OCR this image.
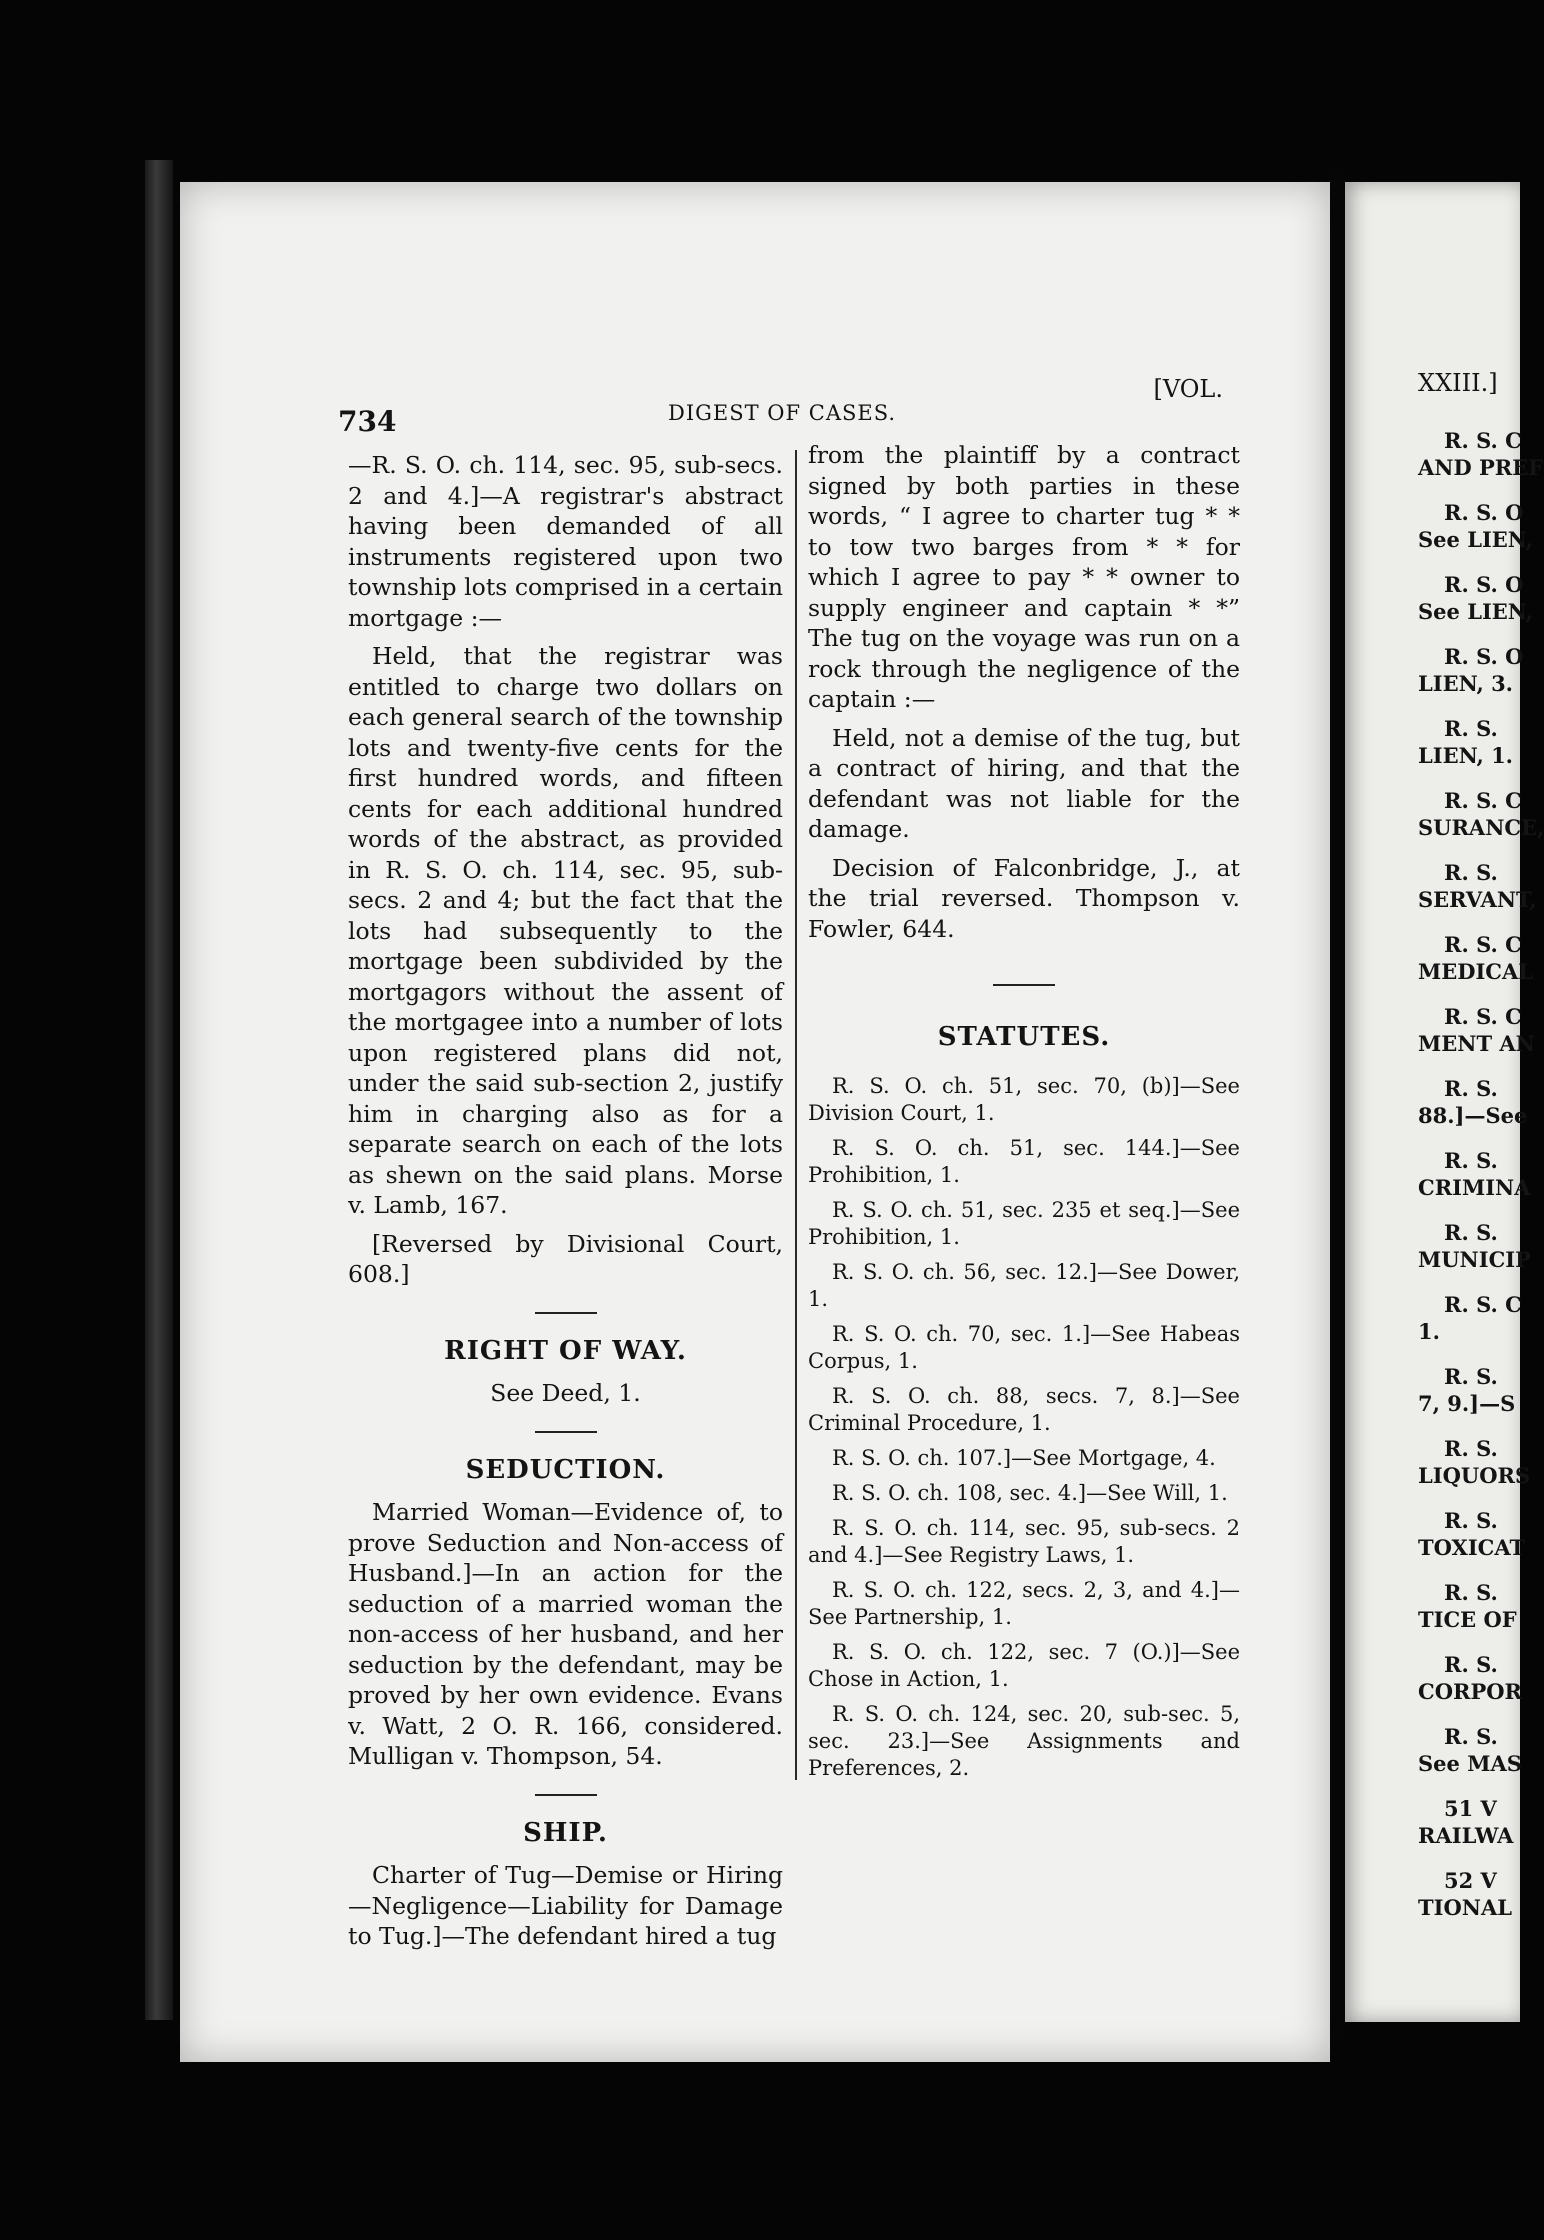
734	DIGEST OF CASES.
[VOL.

—R. S. O. ch. 114, sec. 95, sub-secs. 2 and 4.]—A registrar's abstract having been demanded of all instruments registered upon two township lots comprised in a certain mortgage :—

Held, that the registrar was entitled to charge two dollars on each general search of the township lots and twenty-five cents for the first hundred words, and fifteen cents for each additional hundred words of the abstract, as provided in R. S. O. ch. 114, sec. 95, sub-secs. 2 and 4; but the fact that the lots had subsequently to the mortgage been subdivided by the mortgagors without the assent of the mortgagee into a number of lots upon registered plans did not, under the said sub-section 2, justify him in charging also as for a separate search on each of the lots as shewn on the said plans. Morse v. Lamb, 167.

[Reversed by Divisional Court, 608.]

RIGHT OF WAY.

See Deed, 1.

SEDUCTION.

Married Woman—Evidence of, to prove Seduction and Non-access of Husband.]—In an action for the seduction of a married woman the non-access of her husband, and her seduction by the defendant, may be proved by her own evidence. Evans v. Watt, 2 O. R. 166, considered. Mulligan v. Thompson, 54.

SHIP.

Charter of Tug—Demise or Hiring —Negligence—Liability for Damage to Tug.]—The defendant hired a tug

from the plaintiff by a contract signed by both parties in these words, “ I agree to charter tug * * to tow two barges from * * for which I agree to pay * * owner to supply engineer and captain * *” The tug on the voyage was run on a rock through the negligence of the captain :—

Held, not a demise of the tug, but a contract of hiring, and that the defendant was not liable for the damage.

Decision of Falconbridge, J., at the trial reversed. Thompson v. Fowler, 644.

STATUTES.

R. S. O. ch. 51, sec. 70, (b)]—See Division Court, 1.

R. S. O. ch. 51, sec. 144.]—See Prohibition, 1.

R. S. O. ch. 51, sec. 235 et seq.]—See Prohibition, 1.

R. S. O. ch. 56, sec. 12.]—See Dower, 1.

R. S. O. ch. 70, sec. 1.]—See Habeas Corpus, 1.

R. S. O. ch. 88, secs. 7, 8.]—See Criminal Procedure, 1.

R. S. O. ch. 107.]—See Mortgage, 4.

R. S. O. ch. 108, sec. 4.]—See Will, 1.

R. S. O. ch. 114, sec. 95, sub-secs. 2 and 4.]—See Registry Laws, 1.

R. S. O. ch. 122, secs. 2, 3, and 4.]—See Partnership, 1.

R. S. O. ch. 122, sec. 7 (O.)]—See Chose in Action, 1.

R. S. O. ch. 124, sec. 20, sub-sec. 5, sec. 23.]—See Assignments and Preferences, 2.

XXIII.]
R. S. C
AND PREF
R. S. O
See LIEN,
R. S. O
See LIEN,
R. S. O
LIEN, 3.
R. S.
LIEN, 1.
R. S. C
SURANCE,
R. S.
SERVANT,
R. S. C
MEDICAL
R. S. C
MENT AN
R. S.
88.]—See
R. S.
CRIMINA
R. S.
MUNICIP
R. S. C
1.
R. S.
7, 9.]—S
R. S.
LIQUORS
R. S.
TOXICAT
R. S.
TICE OF
R. S.
CORPOR
R. S.
See MAS
51 V
RAILWA
52 V
TIONAL
